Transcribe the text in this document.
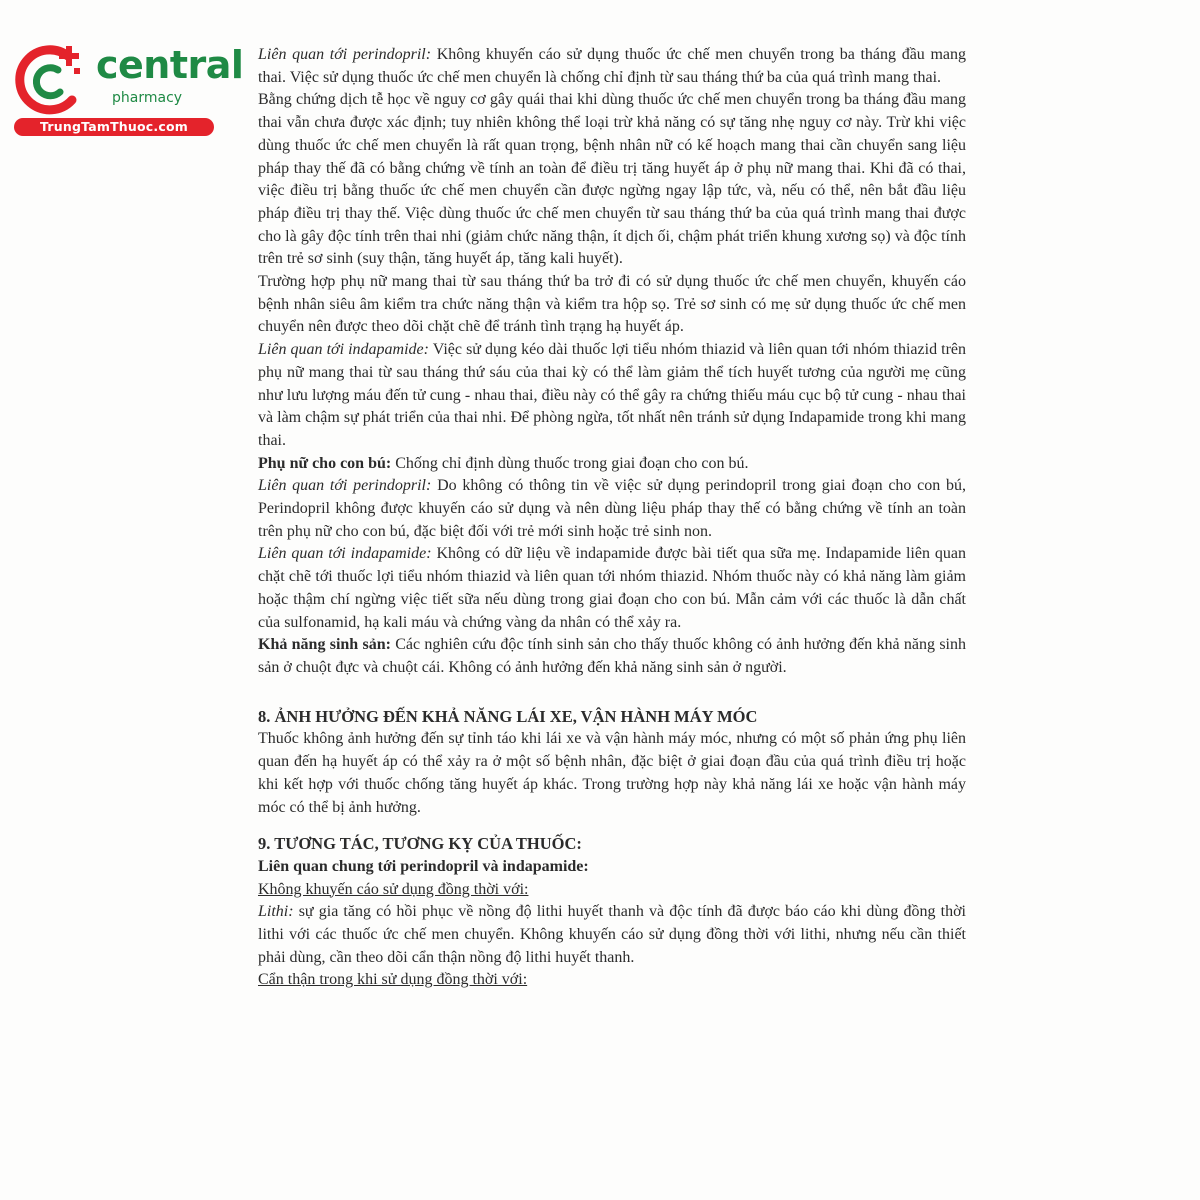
central
pharmacy
TrungTamThuoc.com

Liên quan tới perindopril: Không khuyến cáo sử dụng thuốc ức chế men chuyển trong ba tháng đầu mang thai. Việc sử dụng thuốc ức chế men chuyển là chống chỉ định từ sau tháng thứ ba của quá trình mang thai.

Bằng chứng dịch tễ học về nguy cơ gây quái thai khi dùng thuốc ức chế men chuyển trong ba tháng đầu mang thai vẫn chưa được xác định; tuy nhiên không thể loại trừ khả năng có sự tăng nhẹ nguy cơ này. Trừ khi việc dùng thuốc ức chế men chuyển là rất quan trọng, bệnh nhân nữ có kế hoạch mang thai cần chuyển sang liệu pháp thay thế đã có bằng chứng về tính an toàn để điều trị tăng huyết áp ở phụ nữ mang thai. Khi đã có thai, việc điều trị bằng thuốc ức chế men chuyển cần được ngừng ngay lập tức, và, nếu có thể, nên bắt đầu liệu pháp điều trị thay thế. Việc dùng thuốc ức chế men chuyển từ sau tháng thứ ba của quá trình mang thai được cho là gây độc tính trên thai nhi (giảm chức năng thận, ít dịch ối, chậm phát triển khung xương sọ) và độc tính trên trẻ sơ sinh (suy thận, tăng huyết áp, tăng kali huyết).

Trường hợp phụ nữ mang thai từ sau tháng thứ ba trở đi có sử dụng thuốc ức chế men chuyển, khuyến cáo bệnh nhân siêu âm kiểm tra chức năng thận và kiểm tra hộp sọ. Trẻ sơ sinh có mẹ sử dụng thuốc ức chế men chuyển nên được theo dõi chặt chẽ để tránh tình trạng hạ huyết áp.

Liên quan tới indapamide: Việc sử dụng kéo dài thuốc lợi tiểu nhóm thiazid và liên quan tới nhóm thiazid trên phụ nữ mang thai từ sau tháng thứ sáu của thai kỳ có thể làm giảm thể tích huyết tương của người mẹ cũng như lưu lượng máu đến tử cung - nhau thai, điều này có thể gây ra chứng thiếu máu cục bộ tử cung - nhau thai và làm chậm sự phát triển của thai nhi. Để phòng ngừa, tốt nhất nên tránh sử dụng Indapamide trong khi mang thai.

Phụ nữ cho con bú: Chống chỉ định dùng thuốc trong giai đoạn cho con bú.

Liên quan tới perindopril: Do không có thông tin về việc sử dụng perindopril trong giai đoạn cho con bú, Perindopril không được khuyến cáo sử dụng và nên dùng liệu pháp thay thế có bằng chứng về tính an toàn trên phụ nữ cho con bú, đặc biệt đối với trẻ mới sinh hoặc trẻ sinh non.

Liên quan tới indapamide: Không có dữ liệu về indapamide được bài tiết qua sữa mẹ. Indapamide liên quan chặt chẽ tới thuốc lợi tiểu nhóm thiazid và liên quan tới nhóm thiazid. Nhóm thuốc này có khả năng làm giảm hoặc thậm chí ngừng việc tiết sữa nếu dùng trong giai đoạn cho con bú. Mẫn cảm với các thuốc là dẫn chất của sulfonamid, hạ kali máu và chứng vàng da nhân có thể xảy ra.

Khả năng sinh sản: Các nghiên cứu độc tính sinh sản cho thấy thuốc không có ảnh hưởng đến khả năng sinh sản ở chuột đực và chuột cái. Không có ảnh hưởng đến khả năng sinh sản ở người.

8. ẢNH HƯỞNG ĐẾN KHẢ NĂNG LÁI XE, VẬN HÀNH MÁY MÓC

Thuốc không ảnh hưởng đến sự tỉnh táo khi lái xe và vận hành máy móc, nhưng có một số phản ứng phụ liên quan đến hạ huyết áp có thể xảy ra ở một số bệnh nhân, đặc biệt ở giai đoạn đầu của quá trình điều trị hoặc khi kết hợp với thuốc chống tăng huyết áp khác. Trong trường hợp này khả năng lái xe hoặc vận hành máy móc có thể bị ảnh hưởng.

9. TƯƠNG TÁC, TƯƠNG KỴ CỦA THUỐC:

Liên quan chung tới perindopril và indapamide:

Không khuyến cáo sử dụng đồng thời với:

Lithi: sự gia tăng có hồi phục về nồng độ lithi huyết thanh và độc tính đã được báo cáo khi dùng đồng thời lithi với các thuốc ức chế men chuyển. Không khuyến cáo sử dụng đồng thời với lithi, nhưng nếu cần thiết phải dùng, cần theo dõi cẩn thận nồng độ lithi huyết thanh.

Cẩn thận trong khi sử dụng đồng thời với:
